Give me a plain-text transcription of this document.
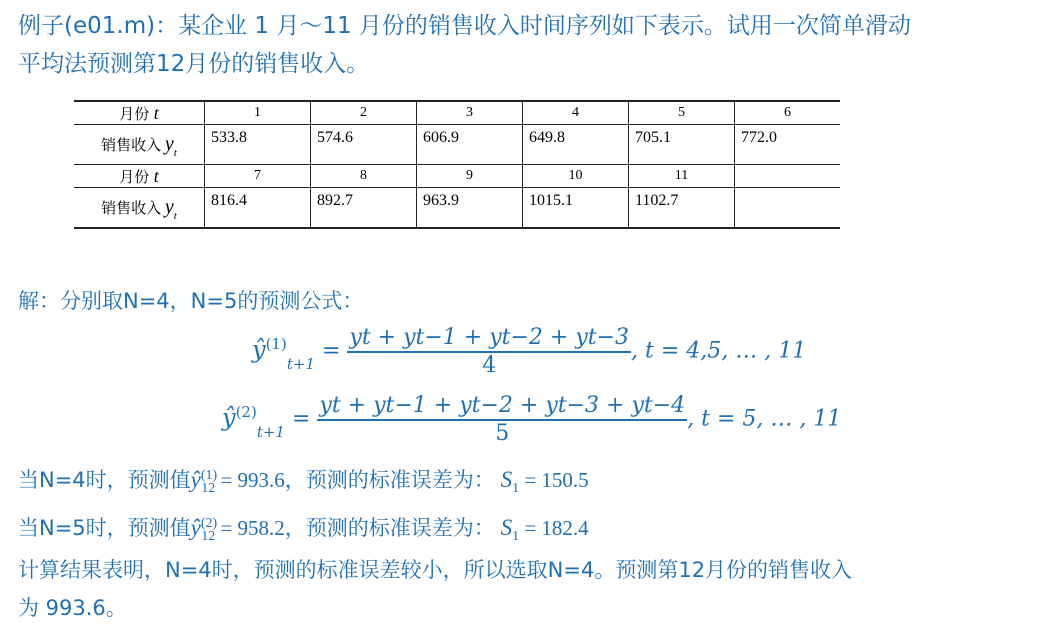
例子(e01.m)：某企业 1 月～11 月份的销售收入时间序列如下表示。试用一次简单滑动
平均法预测第12月份的销售收入。
月份 t	1	2	3	4	5	6
销售收入 $y_t$	533.8	574.6	606.9	649.8	705.1	772.0
月份 t	7	8	9	10	11	
销售收入 $y_t$	816.4	892.7	963.9	1015.1	1102.7	
解：分别取N=4，N=5的预测公式：
$ŷ^{(1)}_{t+1} = \frac{yt + yt-1 + yt-2 + yt-3}{4}$ , t = 4,5, … , 11
$ŷ^{(2)}_{t+1} = \frac{yt + yt-1 + yt-2 + yt-3 + yt-4}{5}$ , t = 5, … , 11
当N=4时，预测值$ŷ^{(1)}_{12} = 993.6$，预测的标准误差为： $S_1 = 150.5$
当N=5时，预测值$ŷ^{(2)}_{12} = 958.2$，预测的标准误差为： $S_1 = 182.4$
计算结果表明，N=4时，预测的标准误差较小，所以选取N=4。预测第12月份的销售收入
为 993.6。
